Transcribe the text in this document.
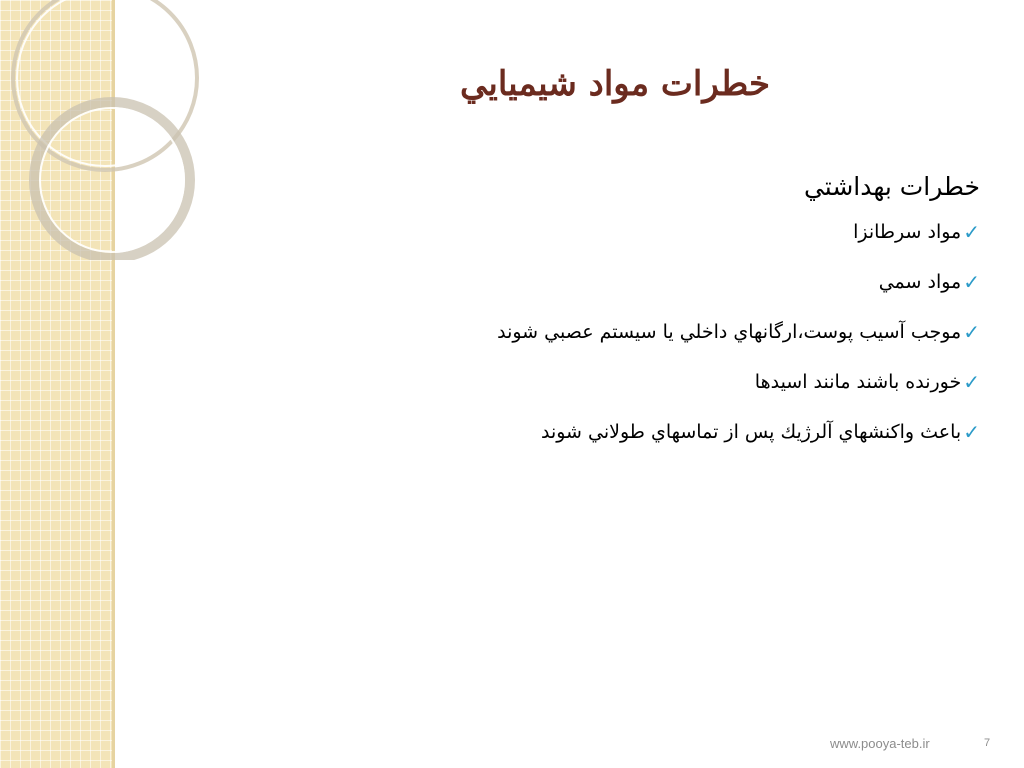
خطرات مواد شيميايي
خطرات بهداشتي
✓
مواد سرطانزا
✓
مواد سمي
✓
موجب آسيب پوست،ارگانهاي داخلي يا سيستم عصبي شوند
✓
خورنده باشند مانند اسيدها
✓
باعث واكنشهاي آلرژيك پس از تماسهاي طولاني شوند
www.pooya-teb.ir	7
